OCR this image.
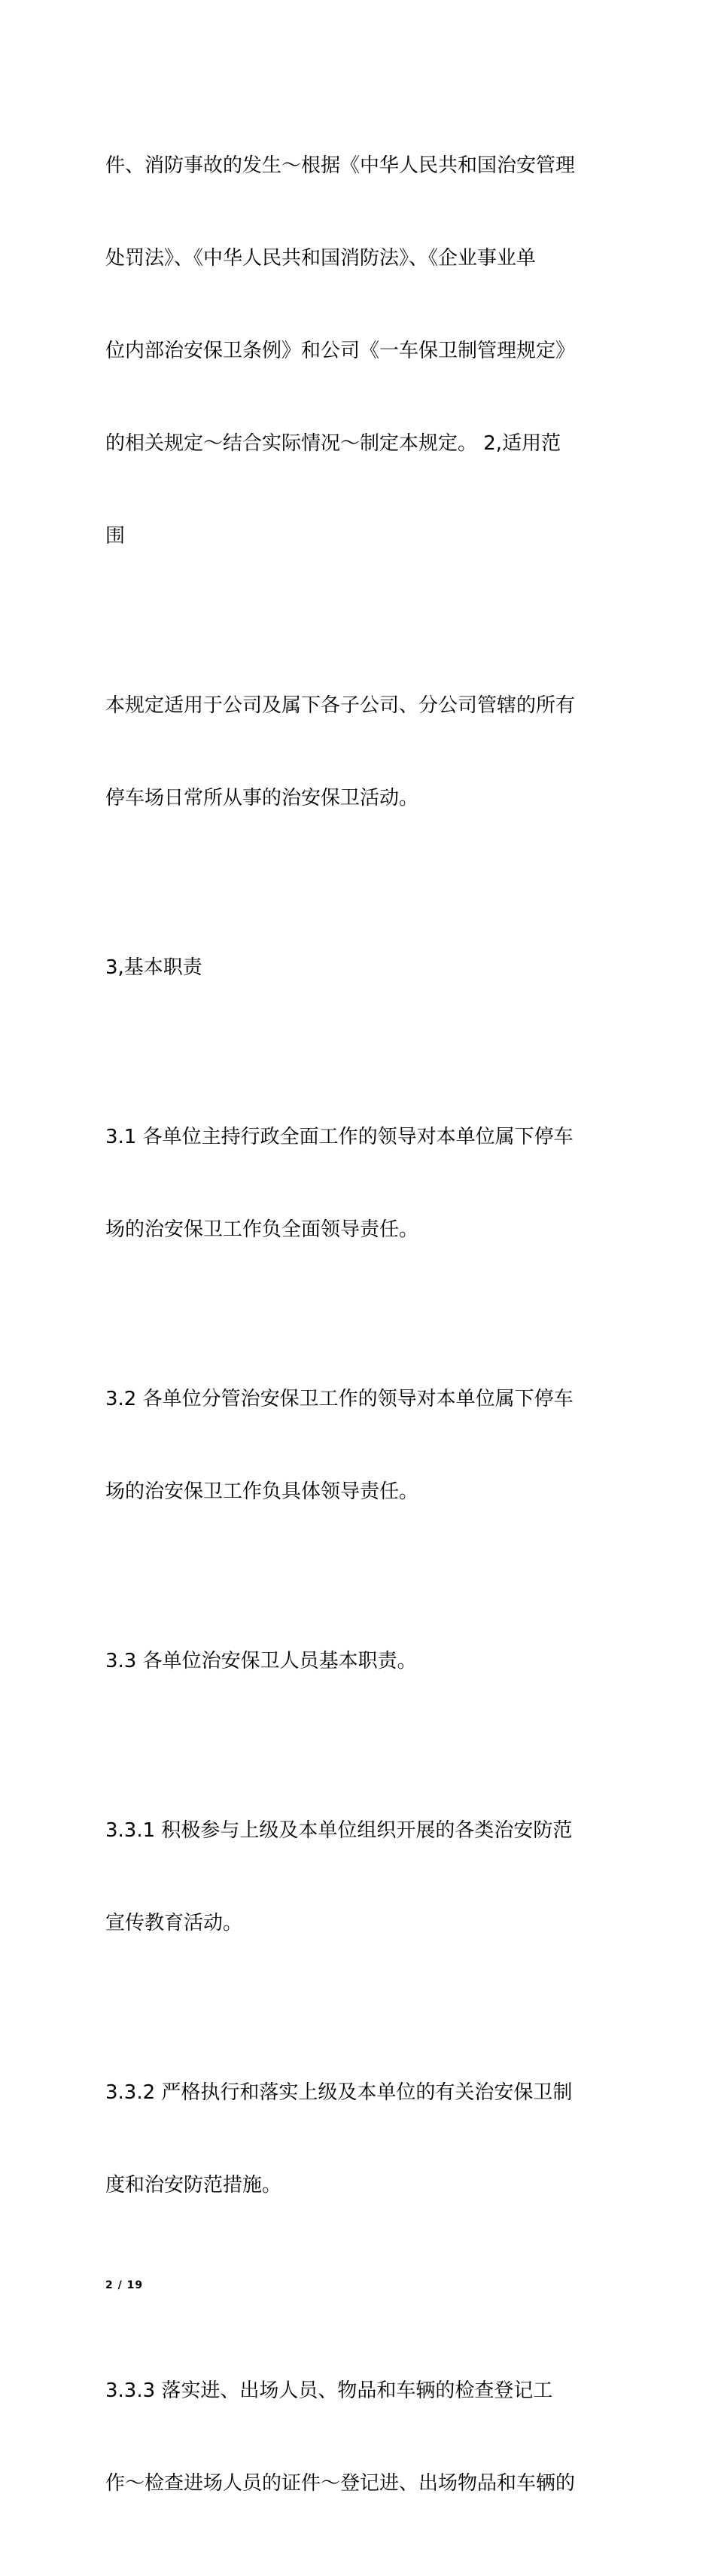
件、消防事故的发生～根据《中华人民共和国治安管理

处罚法》、《中华人民共和国消防法》、《企业事业单

位内部治安保卫条例》和公司《一车保卫制管理规定》

的相关规定～结合实际情况～制定本规定。 2,适用范

围

本规定适用于公司及属下各子公司、分公司管辖的所有

停车场日常所从事的治安保卫活动。

3,基本职责

3.1 各单位主持行政全面工作的领导对本单位属下停车

场的治安保卫工作负全面领导责任。

3.2 各单位分管治安保卫工作的领导对本单位属下停车

场的治安保卫工作负具体领导责任。

3.3 各单位治安保卫人员基本职责。

3.3.1 积极参与上级及本单位组织开展的各类治安防范

宣传教育活动。

3.3.2 严格执行和落实上级及本单位的有关治安保卫制

度和治安防范措施。

2 / 19

3.3.3 落实进、出场人员、物品和车辆的检查登记工

作～检查进场人员的证件～登记进、出场物品和车辆的
